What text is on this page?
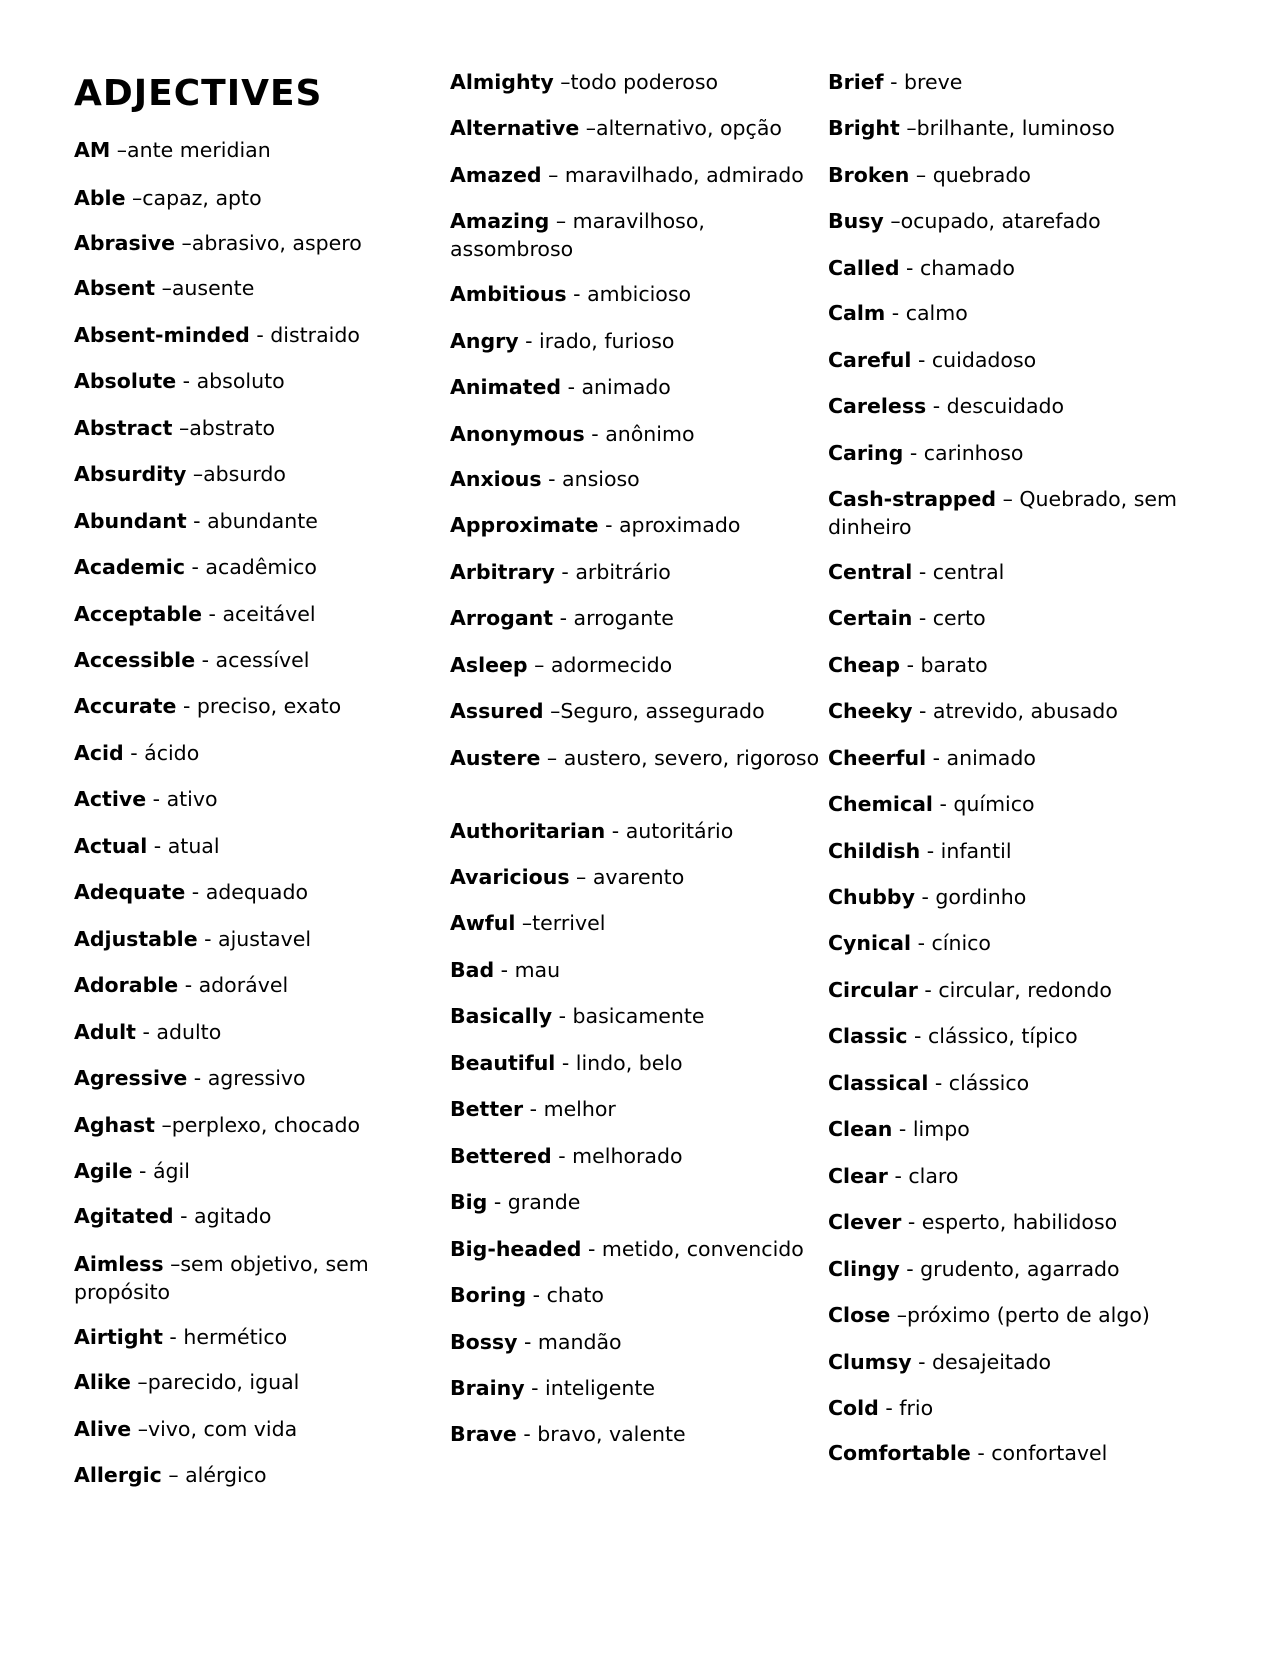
ADJECTIVES

AM –ante meridian

Able –capaz, apto

Abrasive –abrasivo, aspero

Absent –ausente

Absent-minded - distraido

Absolute - absoluto

Abstract –abstrato

Absurdity –absurdo

Abundant - abundante

Academic - acadêmico

Acceptable - aceitável

Accessible - acessível

Accurate - preciso, exato

Acid - ácido

Active - ativo

Actual - atual

Adequate - adequado

Adjustable - ajustavel

Adorable - adorável

Adult - adulto

Agressive - agressivo

Aghast –perplexo, chocado

Agile - ágil

Agitated - agitado

Aimless –sem objetivo, sem propósito

Airtight - hermético

Alike –parecido, igual

Alive –vivo, com vida

Allergic – alérgico

Almighty –todo poderoso

Alternative –alternativo, opção

Amazed – maravilhado, admirado

Amazing – maravilhoso, assombroso

Ambitious - ambicioso

Angry - irado, furioso

Animated - animado

Anonymous - anônimo

Anxious - ansioso

Approximate - aproximado

Arbitrary - arbitrário

Arrogant - arrogante

Asleep – adormecido

Assured –Seguro, assegurado

Austere – austero, severo, rigoroso

Authoritarian - autoritário

Avaricious – avarento

Awful –terrivel

Bad - mau

Basically - basicamente

Beautiful - lindo, belo

Better - melhor

Bettered - melhorado

Big - grande

Big-headed - metido, convencido

Boring - chato

Bossy - mandão

Brainy - inteligente

Brave - bravo, valente

Brief - breve

Bright –brilhante, luminoso

Broken – quebrado

Busy –ocupado, atarefado

Called - chamado

Calm - calmo

Careful - cuidadoso

Careless - descuidado

Caring - carinhoso

Cash-strapped – Quebrado, sem dinheiro

Central - central

Certain - certo

Cheap - barato

Cheeky - atrevido, abusado

Cheerful - animado

Chemical - químico

Childish - infantil

Chubby - gordinho

Cynical - cínico

Circular - circular, redondo

Classic - clássico, típico

Classical - clássico

Clean - limpo

Clear - claro

Clever - esperto, habilidoso

Clingy - grudento, agarrado

Close –próximo (perto de algo)

Clumsy - desajeitado

Cold - frio

Comfortable - confortavel
